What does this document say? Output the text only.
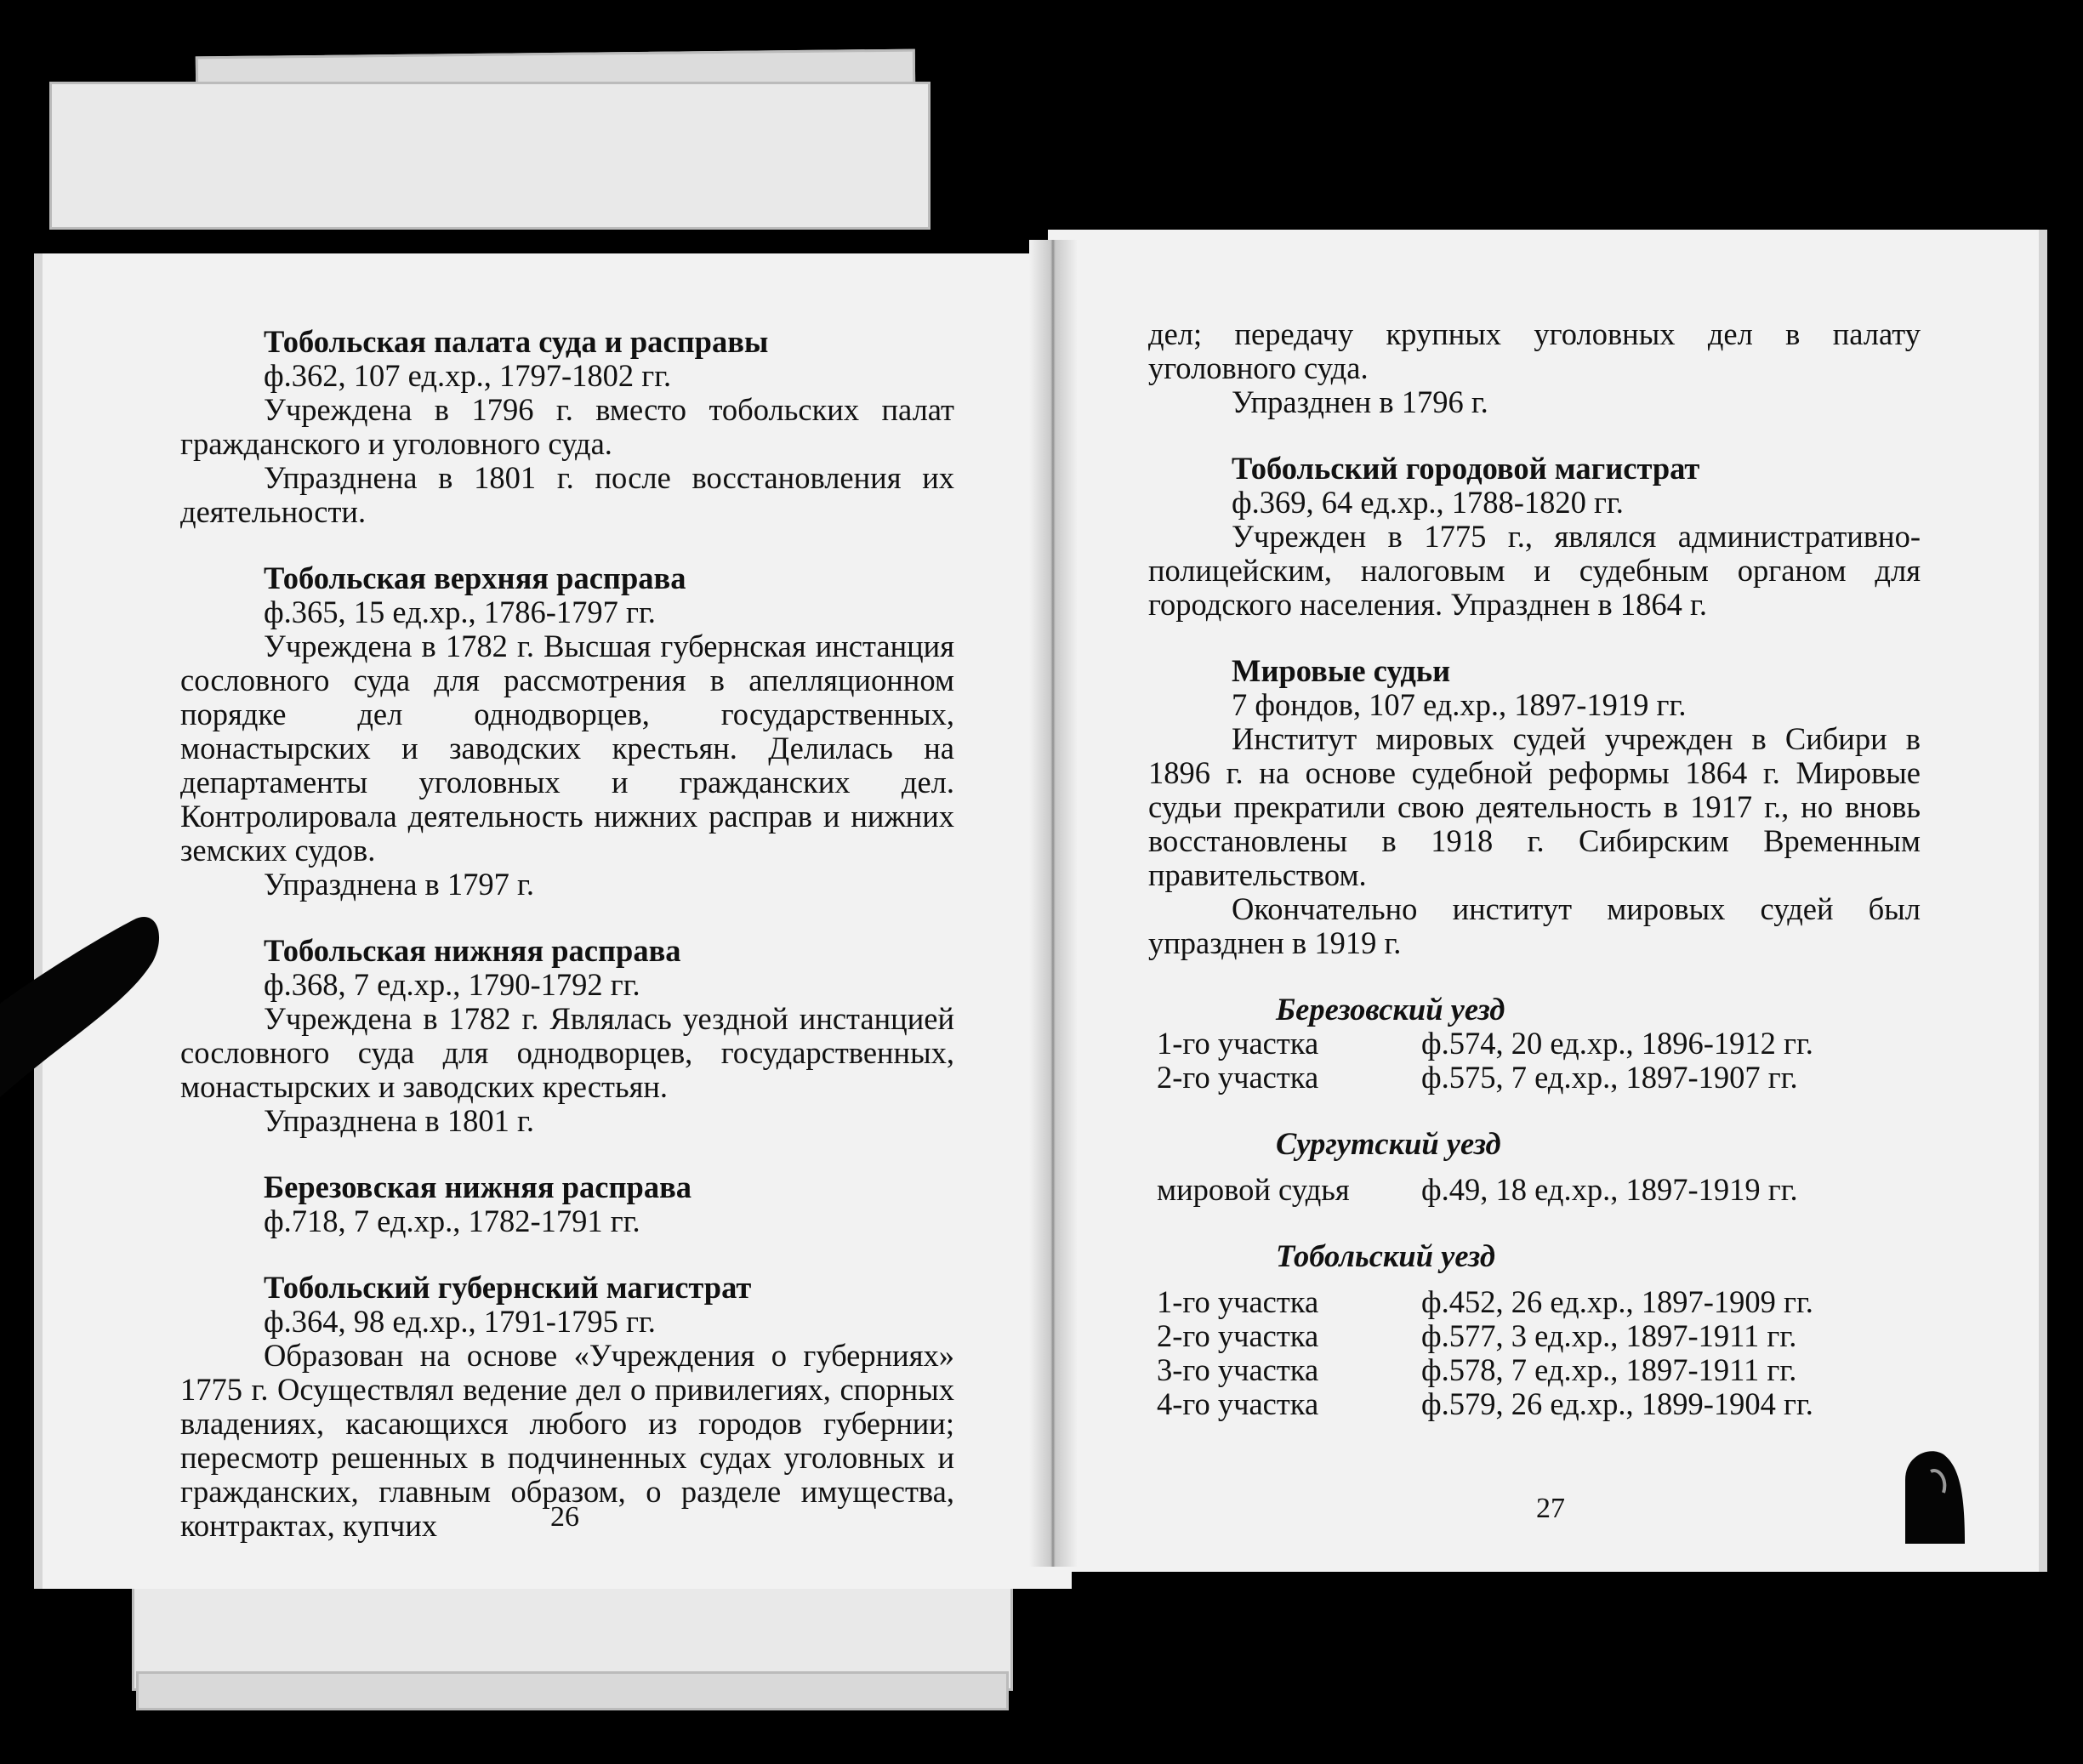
Тобольская палата суда и расправы

ф.362, 107 ед.хр., 1797-1802 гг.

Учреждена в 1796 г. вместо тобольских палат гражданского и уголовного суда.

Упразднена в 1801 г. после восстановления их деятельности.

Тобольская верхняя расправа

ф.365, 15 ед.хр., 1786-1797 гг.

Учреждена в 1782 г. Высшая губернская инстанция сословного суда для рассмотрения в апелляционном порядке дел однодворцев, государственных, монастырских и заводских крестьян. Делилась на департаменты уголовных и гражданских дел. Контролировала деятельность нижних расправ и нижних земских судов.

Упразднена в 1797 г.

Тобольская нижняя расправа

ф.368, 7 ед.хр., 1790-1792 гг.

Учреждена в 1782 г. Являлась уездной инстанцией сословного суда для однодворцев, государственных, монастырских и заводских крестьян.

Упразднена в 1801 г.

Березовская нижняя расправа

ф.718, 7 ед.хр., 1782-1791 гг.

Тобольский губернский магистрат

ф.364, 98 ед.хр., 1791-1795 гг.

Образован на основе «Учреждения о губерниях» 1775 г. Осуществлял ведение дел о привилегиях, спорных владениях, касающихся любого из городов губернии; пересмотр решенных в подчиненных судах уголовных и гражданских, главным образом, о разделе имущества, контрактах, купчих	26

дел; передачу крупных уголовных дел в палату уголовного суда.

Упразднен в 1796 г.

Тобольский городовой магистрат

ф.369, 64 ед.хр., 1788-1820 гг.

Учрежден в 1775 г., являлся административно-полицейским, налоговым и судебным органом для городского населения. Упразднен в 1864 г.

Мировые судьи

7 фондов, 107 ед.хр., 1897-1919 гг.

Институт мировых судей учрежден в Сибири в 1896 г. на основе судебной реформы 1864 г. Мировые судьи прекратили свою деятельность в 1917 г., но вновь восстановлены в 1918 г. Сибирским Временным правительством.

Окончательно институт мировых судей был упразднен в 1919 г.

Березовский уезд

1-го участка	ф.574, 20 ед.хр., 1896-1912 гг.
2-го участка	ф.575, 7 ед.хр., 1897-1907 гг.

Сургутский уезд

мировой судья	ф.49, 18 ед.хр., 1897-1919 гг.

Тобольский уезд

1-го участка	ф.452, 26 ед.хр., 1897-1909 гг.
2-го участка	ф.577, 3 ед.хр., 1897-1911 гг.
3-го участка	ф.578, 7 ед.хр., 1897-1911 гг.
4-го участка	ф.579, 26 ед.хр., 1899-1904 гг.
27
